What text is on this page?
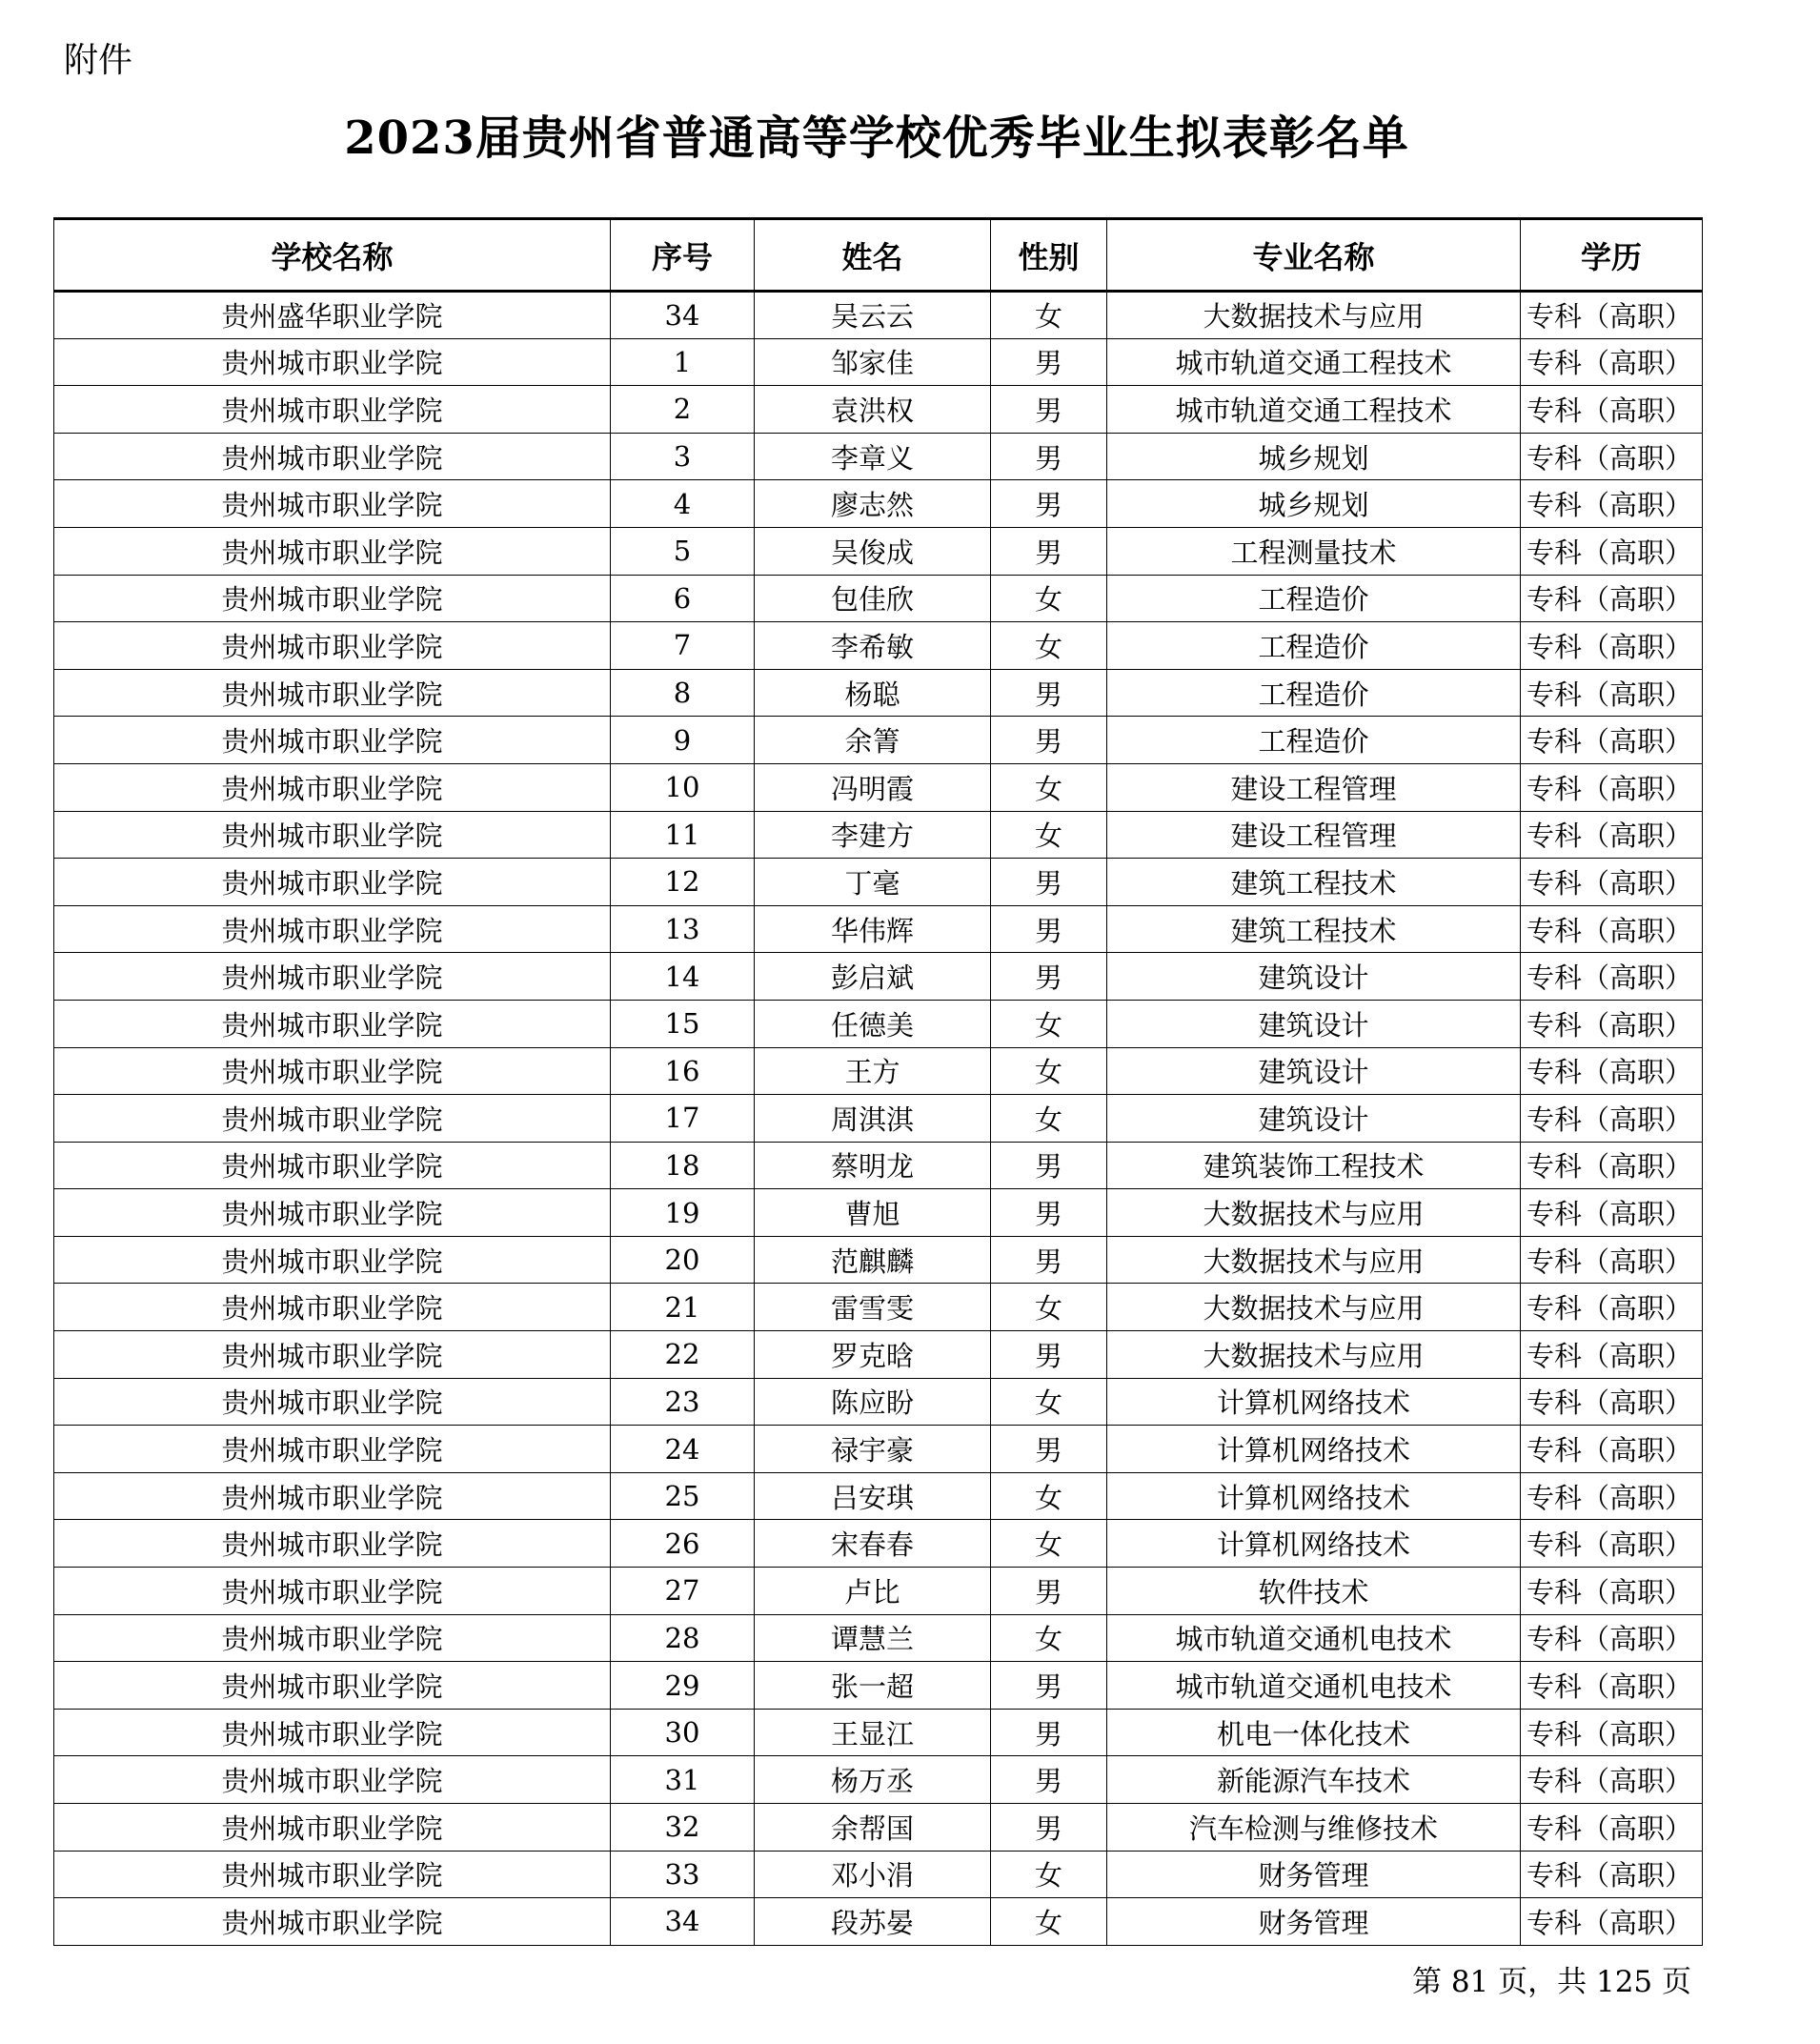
附件
2023届贵州省普通高等学校优秀毕业生拟表彰名单
学校名称	序号	姓名	性别	专业名称	学历
贵州盛华职业学院	34	吴云云	女	大数据技术与应用	专科（高职）
贵州城市职业学院	1	邹家佳	男	城市轨道交通工程技术	专科（高职）
贵州城市职业学院	2	袁洪权	男	城市轨道交通工程技术	专科（高职）
贵州城市职业学院	3	李章义	男	城乡规划	专科（高职）
贵州城市职业学院	4	廖志然	男	城乡规划	专科（高职）
贵州城市职业学院	5	吴俊成	男	工程测量技术	专科（高职）
贵州城市职业学院	6	包佳欣	女	工程造价	专科（高职）
贵州城市职业学院	7	李希敏	女	工程造价	专科（高职）
贵州城市职业学院	8	杨聪	男	工程造价	专科（高职）
贵州城市职业学院	9	余箐	男	工程造价	专科（高职）
贵州城市职业学院	10	冯明霞	女	建设工程管理	专科（高职）
贵州城市职业学院	11	李建方	女	建设工程管理	专科（高职）
贵州城市职业学院	12	丁毫	男	建筑工程技术	专科（高职）
贵州城市职业学院	13	华伟辉	男	建筑工程技术	专科（高职）
贵州城市职业学院	14	彭启斌	男	建筑设计	专科（高职）
贵州城市职业学院	15	任德美	女	建筑设计	专科（高职）
贵州城市职业学院	16	王方	女	建筑设计	专科（高职）
贵州城市职业学院	17	周淇淇	女	建筑设计	专科（高职）
贵州城市职业学院	18	蔡明龙	男	建筑装饰工程技术	专科（高职）
贵州城市职业学院	19	曹旭	男	大数据技术与应用	专科（高职）
贵州城市职业学院	20	范麒麟	男	大数据技术与应用	专科（高职）
贵州城市职业学院	21	雷雪雯	女	大数据技术与应用	专科（高职）
贵州城市职业学院	22	罗克晗	男	大数据技术与应用	专科（高职）
贵州城市职业学院	23	陈应盼	女	计算机网络技术	专科（高职）
贵州城市职业学院	24	禄宇豪	男	计算机网络技术	专科（高职）
贵州城市职业学院	25	吕安琪	女	计算机网络技术	专科（高职）
贵州城市职业学院	26	宋春春	女	计算机网络技术	专科（高职）
贵州城市职业学院	27	卢比	男	软件技术	专科（高职）
贵州城市职业学院	28	谭慧兰	女	城市轨道交通机电技术	专科（高职）
贵州城市职业学院	29	张一超	男	城市轨道交通机电技术	专科（高职）
贵州城市职业学院	30	王显江	男	机电一体化技术	专科（高职）
贵州城市职业学院	31	杨万丞	男	新能源汽车技术	专科（高职）
贵州城市职业学院	32	余帮国	男	汽车检测与维修技术	专科（高职）
贵州城市职业学院	33	邓小涓	女	财务管理	专科（高职）
贵州城市职业学院	34	段苏晏	女	财务管理	专科（高职）
第 81 页，共 125 页
